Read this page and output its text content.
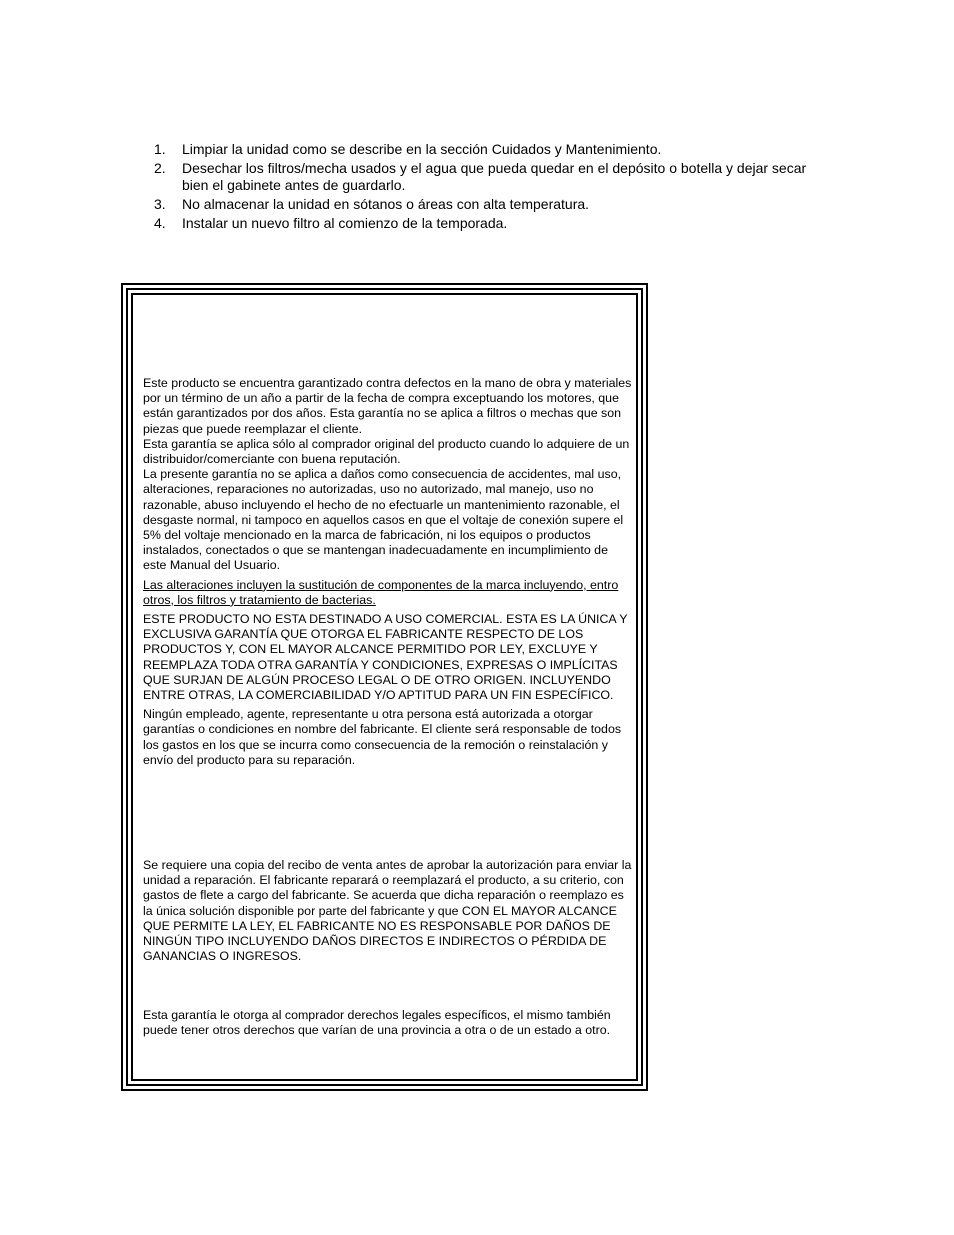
1. Limpiar la unidad como se describe en la sección Cuidados y Mantenimiento.
2. Desechar los filtros/mecha usados y el agua que pueda quedar en el depósito o botella y dejar secar bien el gabinete antes de guardarlo.
3. No almacenar la unidad en sótanos o áreas con alta temperatura.
4. Instalar un nuevo filtro al comienzo de la temporada.

Este producto se encuentra garantizado contra defectos en la mano de obra y materiales por un término de un año a partir de la fecha de compra exceptuando los motores, que están garantizados por dos años. Esta garantía no se aplica a filtros o mechas que son piezas que puede reemplazar el cliente.

Esta garantía se aplica sólo al comprador original del producto cuando lo adquiere de un distribuidor/comerciante con buena reputación.

La presente garantía no se aplica a daños como consecuencia de accidentes, mal uso, alteraciones, reparaciones no autorizadas, uso no autorizado, mal manejo, uso no razonable, abuso incluyendo el hecho de no efectuarle un mantenimiento razonable, el desgaste normal, ni tampoco en aquellos casos en que el voltaje de conexión supere el 5% del voltaje mencionado en la marca de fabricación, ni los equipos o productos instalados, conectados o que se mantengan inadecuadamente en incumplimiento de este Manual del Usuario.

Las alteraciones incluyen la sustitución de componentes de la marca incluyendo, entro otros, los filtros y tratamiento de bacterias.

ESTE PRODUCTO NO ESTA DESTINADO A USO COMERCIAL. ESTA ES LA ÚNICA Y EXCLUSIVA GARANTÍA QUE OTORGA EL FABRICANTE RESPECTO DE LOS PRODUCTOS Y, CON EL MAYOR ALCANCE PERMITIDO POR LEY, EXCLUYE Y REEMPLAZA TODA OTRA GARANTÍA Y CONDICIONES, EXPRESAS O IMPLÍCITAS QUE SURJAN DE ALGÚN PROCESO LEGAL O DE OTRO ORIGEN. INCLUYENDO ENTRE OTRAS, LA COMERCIABILIDAD Y/O APTITUD PARA UN FIN ESPECÍFICO.

Ningún empleado, agente, representante u otra persona está autorizada a otorgar garantías o condiciones en nombre del fabricante. El cliente será responsable de todos los gastos en los que se incurra como consecuencia de la remoción o reinstalación y envío del producto para su reparación.

Se requiere una copia del recibo de venta antes de aprobar la autorización para enviar la unidad a reparación. El fabricante reparará o reemplazará el producto, a su criterio, con gastos de flete a cargo del fabricante. Se acuerda que dicha reparación o reemplazo es la única solución disponible por parte del fabricante y que CON EL MAYOR ALCANCE QUE PERMITE LA LEY, EL FABRICANTE NO ES RESPONSABLE POR DAÑOS DE NINGÚN TIPO INCLUYENDO DAÑOS DIRECTOS E INDIRECTOS O PÉRDIDA DE GANANCIAS O INGRESOS.

Esta garantía le otorga al comprador derechos legales específicos, el mismo también puede tener otros derechos que varían de una provincia a otra o de un estado a otro.
